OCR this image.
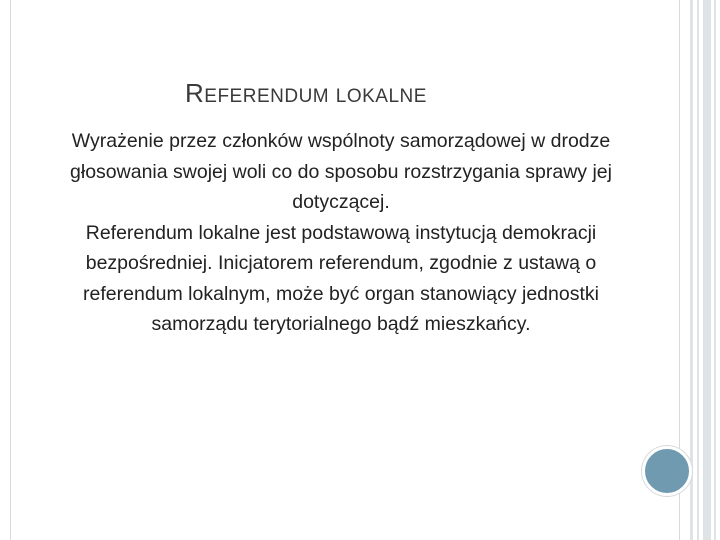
REFERENDUM LOKALNE

Wyrażenie przez członków wspólnoty samorządowej w drodze głosowania swojej woli co do sposobu rozstrzygania sprawy jej dotyczącej.

Referendum lokalne jest podstawową instytucją demokracji bezpośredniej. Inicjatorem referendum, zgodnie z ustawą o referendum lokalnym, może być organ stanowiący jednostki samorządu terytorialnego bądź mieszkańcy.
